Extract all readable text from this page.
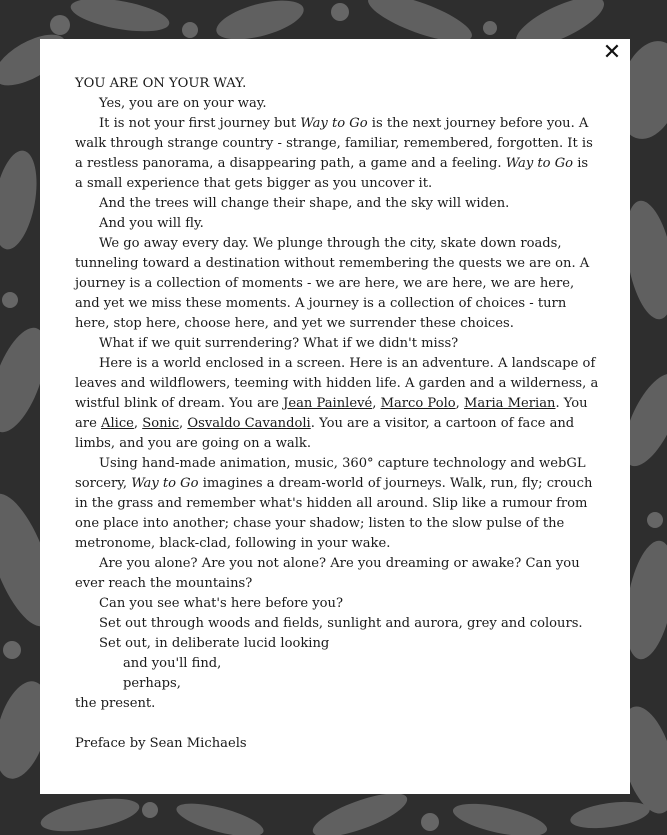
✕

YOU ARE ON YOUR WAY.

Yes, you are on your way.

It is not your first journey but Way to Go is the next journey before you. A walk through strange country - strange, familiar, remembered, forgotten. It is a restless panorama, a disappearing path, a game and a feeling. Way to Go is a small experience that gets bigger as you uncover it.

And the trees will change their shape, and the sky will widen.

And you will fly.

We go away every day. We plunge through the city, skate down roads, tunneling toward a destination without remembering the quests we are on. A journey is a collection of moments - we are here, we are here, we are here, and yet we miss these moments. A journey is a collection of choices - turn here, stop here, choose here, and yet we surrender these choices.

What if we quit surrendering? What if we didn't miss?

Here is a world enclosed in a screen. Here is an adventure. A landscape of leaves and wildflowers, teeming with hidden life. A garden and a wilderness, a wistful blink of dream. You are Jean Painlevé, Marco Polo, Maria Merian. You are Alice, Sonic, Osvaldo Cavandoli. You are a visitor, a cartoon of face and limbs, and you are going on a walk.

Using hand-made animation, music, 360° capture technology and webGL sorcery, Way to Go imagines a dream-world of journeys. Walk, run, fly; crouch in the grass and remember what's hidden all around. Slip like a rumour from one place into another; chase your shadow; listen to the slow pulse of the metronome, black-clad, following in your wake.

Are you alone? Are you not alone? Are you dreaming or awake? Can you ever reach the mountains?

Can you see what's here before you?

Set out through woods and fields, sunlight and aurora, grey and colours.

Set out, in deliberate lucid looking

and you'll find,

perhaps,

the present.

Preface by Sean Michaels
